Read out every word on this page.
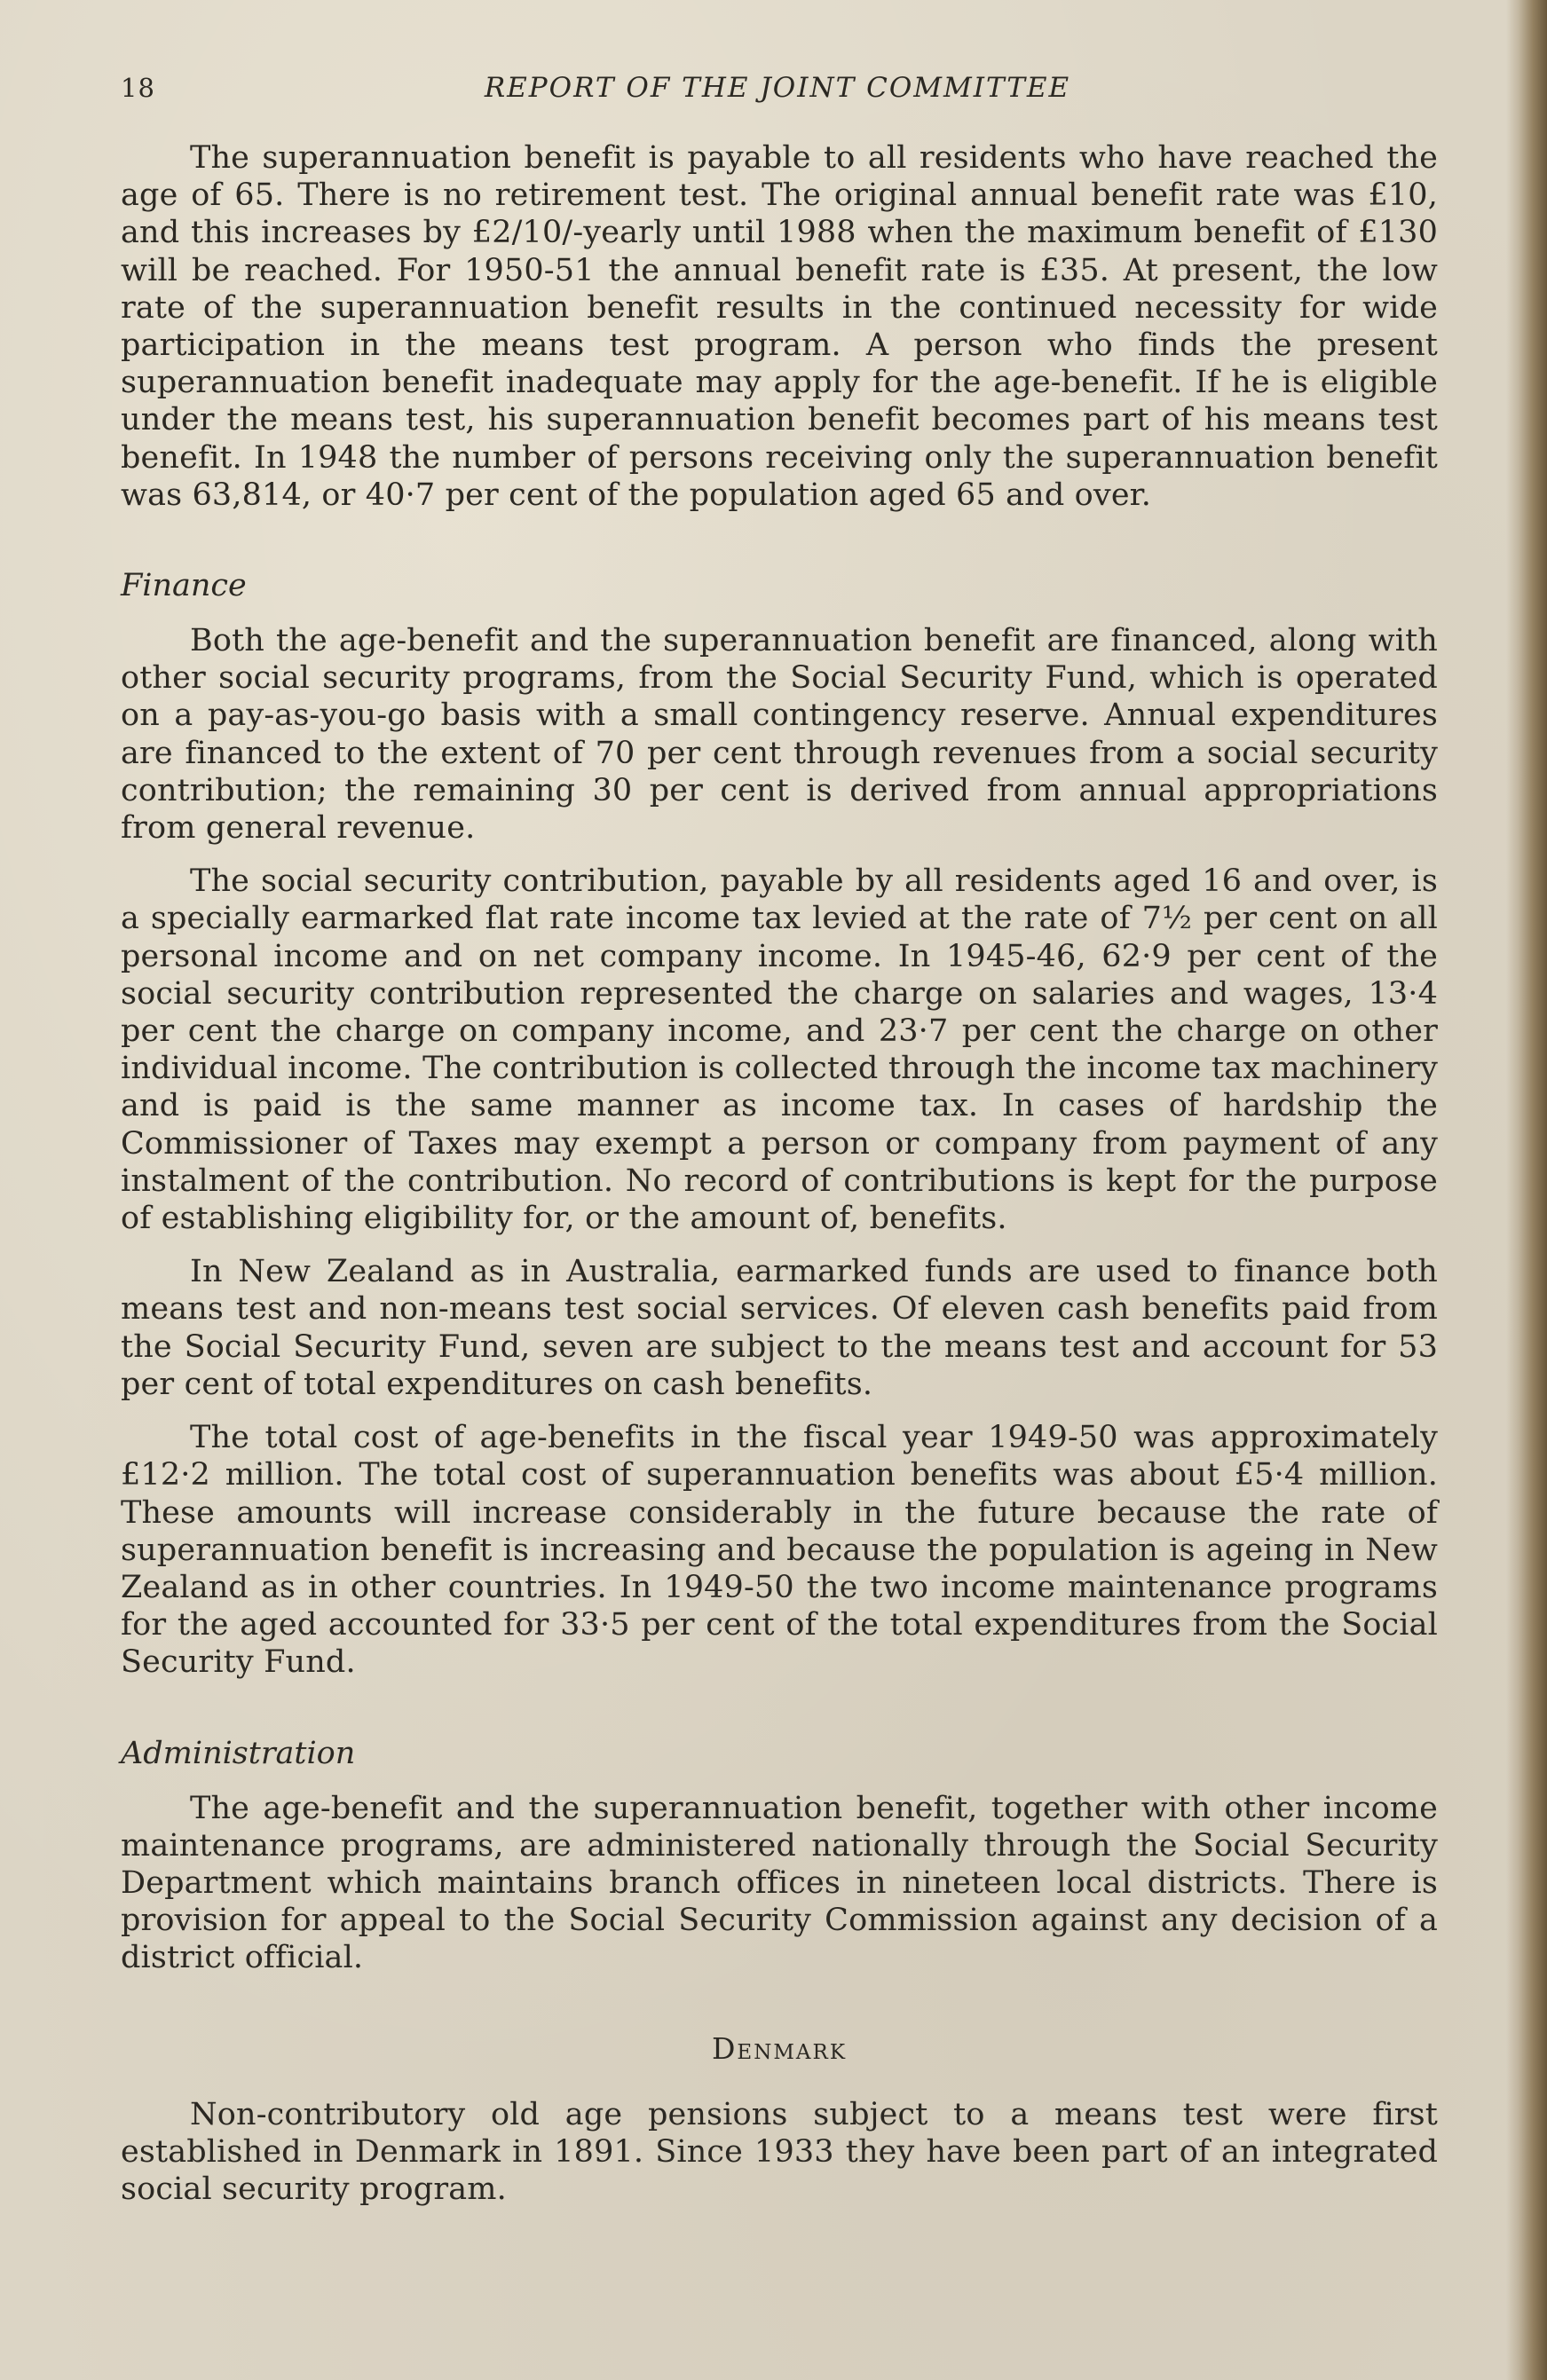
18	REPORT OF THE JOINT COMMITTEE

The superannuation benefit is payable to all residents who have reached the age of 65. There is no retirement test. The original annual benefit rate was £10, and this increases by £2/10/-yearly until 1988 when the maximum benefit of £130 will be reached. For 1950-51 the annual benefit rate is £35. At present, the low rate of the superannuation benefit results in the continued necessity for wide participation in the means test program. A person who finds the present superannuation benefit inadequate may apply for the age-benefit. If he is eligible under the means test, his superannuation benefit becomes part of his means test benefit. In 1948 the number of persons receiving only the superannuation benefit was 63,814, or 40·7 per cent of the population aged 65 and over.

Finance

Both the age-benefit and the superannuation benefit are financed, along with other social security programs, from the Social Security Fund, which is operated on a pay-as-you-go basis with a small contingency reserve. Annual expenditures are financed to the extent of 70 per cent through revenues from a social security contribution; the remaining 30 per cent is derived from annual appropriations from general revenue.

The social security contribution, payable by all residents aged 16 and over, is a specially earmarked flat rate income tax levied at the rate of 7½ per cent on all personal income and on net company income. In 1945-46, 62·9 per cent of the social security contribution represented the charge on salaries and wages, 13·4 per cent the charge on company income, and 23·7 per cent the charge on other individual income. The contribution is collected through the income tax machinery and is paid is the same manner as income tax. In cases of hardship the Commissioner of Taxes may exempt a person or company from payment of any instalment of the contribution. No record of contributions is kept for the purpose of establishing eligibility for, or the amount of, benefits.

In New Zealand as in Australia, earmarked funds are used to finance both means test and non-means test social services. Of eleven cash benefits paid from the Social Security Fund, seven are subject to the means test and account for 53 per cent of total expenditures on cash benefits.

The total cost of age-benefits in the fiscal year 1949-50 was approximately £12·2 million. The total cost of superannuation benefits was about £5·4 million. These amounts will increase considerably in the future because the rate of superannuation benefit is increasing and because the population is ageing in New Zealand as in other countries. In 1949-50 the two income maintenance programs for the aged accounted for 33·5 per cent of the total expenditures from the Social Security Fund.

Administration

The age-benefit and the superannuation benefit, together with other income maintenance programs, are administered nationally through the Social Security Department which maintains branch offices in nineteen local districts. There is provision for appeal to the Social Security Commission against any decision of a district official.

Denmark

Non-contributory old age pensions subject to a means test were first established in Denmark in 1891. Since 1933 they have been part of an integrated social security program.
